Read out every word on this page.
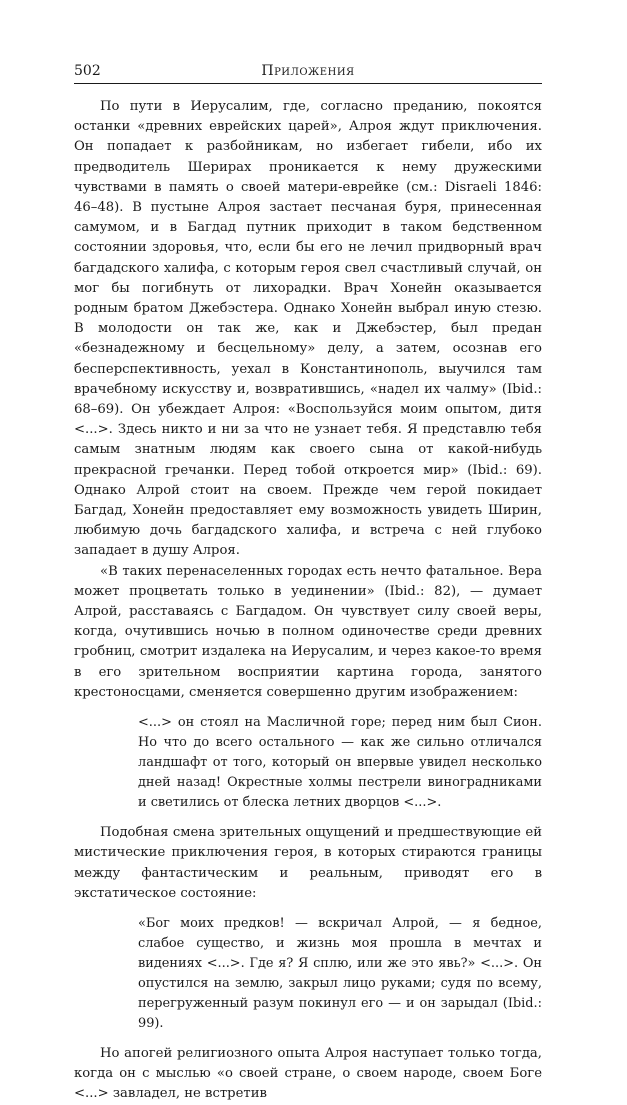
502	Приложения

По пути в Иерусалим, где, согласно преданию, покоятся останки «древних еврейских царей», Алроя ждут приключения. Он попадает к разбойникам, но избегает гибели, ибо их предводитель Шерирах проникается к нему дружескими чувствами в память о своей матери-еврейке (см.: Disraeli 1846: 46–48). В пустыне Алроя застает песчаная буря, принесенная самумом, и в Багдад путник приходит в таком бедственном состоянии здоровья, что, если бы его не лечил придворный врач багдадского халифа, с которым героя свел счастливый случай, он мог бы погибнуть от лихорадки. Врач Хонейн оказывается родным братом Джебэстера. Однако Хонейн выбрал иную стезю. В молодости он так же, как и Джебэстер, был предан «безнадежному и бесцельному» делу, а затем, осознав его бесперспективность, уехал в Константинополь, выучился там врачебному искусству и, возвратившись, «надел их чалму» (Ibid.: 68–69). Он убеждает Алроя: «Воспользуйся моим опытом, дитя <...>. Здесь никто и ни за что не узнает тебя. Я представлю тебя самым знатным людям как своего сына от какой-нибудь прекрасной гречанки. Перед тобой откроется мир» (Ibid.: 69). Однако Алрой стоит на своем. Прежде чем герой покидает Багдад, Хонейн предоставляет ему возможность увидеть Ширин, любимую дочь багдадского халифа, и встреча с ней глубоко западает в душу Алроя.

«В таких перенаселенных городах есть нечто фатальное. Вера может процветать только в уединении» (Ibid.: 82), — думает Алрой, расставаясь с Багдадом. Он чувствует силу своей веры, когда, очутившись ночью в полном одиночестве среди древних гробниц, смотрит издалека на Иерусалим, и через какое-то время в его зрительном восприятии картина города, занятого крестоносцами, сменяется совершенно другим изображением:

<...> он стоял на Масличной горе; перед ним был Сион. Но что до всего остального — как же сильно отличался ландшафт от того, который он впервые увидел несколько дней назад! Окрестные холмы пестрели виноградниками и светились от блеска летних дворцов <...>.

Подобная смена зрительных ощущений и предшествующие ей мистические приключения героя, в которых стираются границы между фантастическим и реальным, приводят его в экстатическое состояние:

«Бог моих предков! — вскричал Алрой, — я бедное, слабое существо, и жизнь моя прошла в мечтах и видениях <...>. Где я? Я сплю, или же это явь?» <...>. Он опустился на землю, закрыл лицо руками; судя по всему, перегруженный разум покинул его — и он зарыдал (Ibid.: 99).

Но апогей религиозного опыта Алроя наступает только тогда, когда он с мыслью «о своей стране, о своем народе, своем Боге <...> завладел, не встретив
